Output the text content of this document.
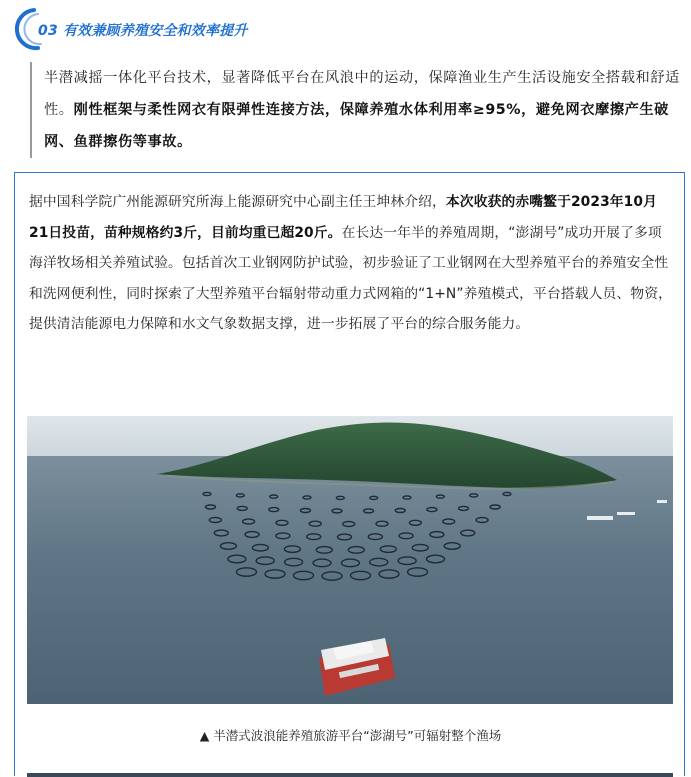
03 有效兼顾养殖安全和效率提升

半潜减摇一体化平台技术，显著降低平台在风浪中的运动，保障渔业生产生活设施安全搭载和舒适性。刚性框架与柔性网衣有限弹性连接方法，保障养殖水体利用率≥95%，避免网衣摩擦产生破网、鱼群擦伤等事故。

据中国科学院广州能源研究所海上能源研究中心副主任王坤林介绍，本次收获的赤嘴鳘于2023年10月21日投苗，苗种规格约3斤，目前均重已超20斤。在长达一年半的养殖周期，“澎湖号”成功开展了多项海洋牧场相关养殖试验。包括首次工业钢网防护试验，初步验证了工业钢网在大型养殖平台的养殖安全性和洗网便利性，同时探索了大型养殖平台辐射带动重力式网箱的“1+N”养殖模式，平台搭载人员、物资，提供清洁能源电力保障和水文气象数据支撑，进一步拓展了平台的综合服务能力。

▲ 半潜式波浪能养殖旅游平台“澎湖号”可辐射整个渔场
